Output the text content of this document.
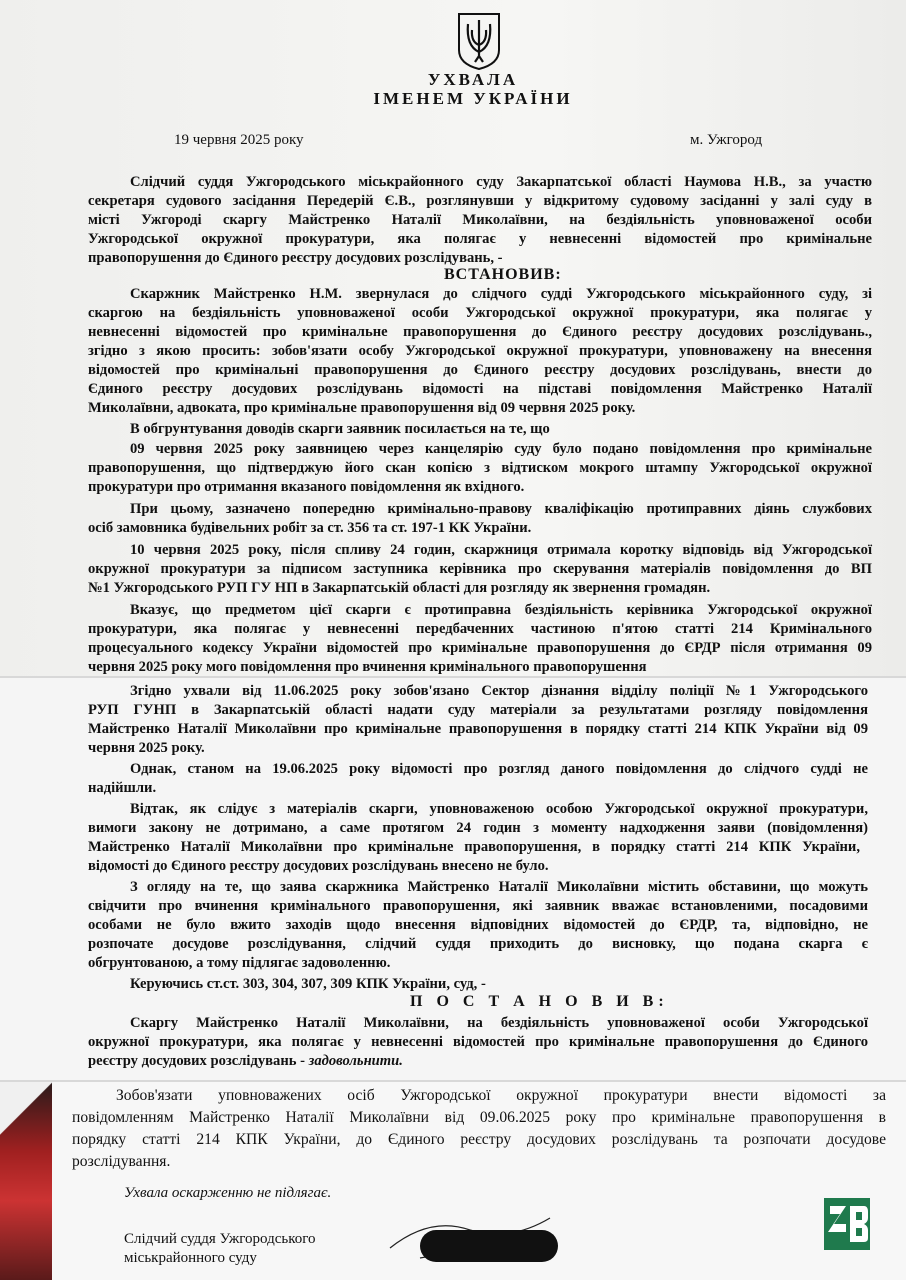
УХВАЛА
ІМЕНЕМ УКРАЇНИ
19 червня 2025 року	м. Ужгород
Слідчий суддя Ужгородського міськрайонного суду Закарпатської області Наумова Н.В., за участю
секретаря судового засідання Передерій Є.В., розглянувши у відкритому судовому засіданні у залі суду в
місті Ужгороді скаргу Майстренко Наталії Миколаївни, на бездіяльність уповноваженої особи
Ужгородської окружної прокуратури, яка полягає у невнесенні відомостей про кримінальне
правопорушення до Єдиного реєстру досудових розслідувань, -
ВСТАНОВИВ:
Скаржник Майстренко Н.М. звернулася до слідчого судді Ужгородського міськрайонного суду, зі
скаргою на бездіяльність уповноваженої особи Ужгородської окружної прокуратури, яка полягає у
невнесенні відомостей про кримінальне правопорушення до Єдиного реєстру досудових розслідувань.,
згідно з якою просить: зобов'язати особу Ужгородської окружної прокуратури, уповноважену на внесення
відомостей про кримінальні правопорушення до Єдиного реєстру досудових розслідувань, внести до
Єдиного реєстру досудових розслідувань відомості на підставі повідомлення Майстренко Наталії
Миколаївни, адвоката, про кримінальне правопорушення від 09 червня 2025 року.
В обгрунтування доводів скарги заявник посилається на те, що
09 червня 2025 року заявницею через канцелярію суду було подано повідомлення про кримінальне
правопорушення, що підтверджую його скан копією з відтиском мокрого штампу Ужгородської окружної
прокуратури про отримання вказаного повідомлення як вхідного.
При цьому, зазначено попередню кримінально-правову кваліфікацію протиправних діянь службових
осіб замовника будівельних робіт за ст. 356 та ст. 197-1 КК України.
10 червня 2025 року, після спливу 24 годин, скаржниця отримала коротку відповідь від Ужгородської
окружної прокуратури за підписом заступника керівника про скерування матеріалів повідомлення до ВП
№1 Ужгородського РУП ГУ НП в Закарпатській області для розгляду як звернення громадян.
Вказує, що предметом цієї скарги є протиправна бездіяльність керівника Ужгородської окружної
прокуратури, яка полягає у невнесенні передбаченних частиною п'ятою статті 214 Кримінального
процесуального кодексу України відомостей про кримінальне правопорушення до ЄРДР після отримання 09
червня 2025 року мого повідомлення про вчинення кримінального правопорушення
Згідно ухвали від 11.06.2025 року зобов'язано Сектор дізнання відділу поліції №1 Ужгородського
РУП ГУНП в Закарпатській області надати суду матеріали за результатами розгляду повідомлення
Майстренко Наталії Миколаївни про кримінальне правопорушення в порядку статті 214 КПК України від 09
червня 2025 року.
Однак, станом на 19.06.2025 року відомості про розгляд даного повідомлення до слідчого судді не
надійшли.
Відтак, як слідує з матеріалів скарги, уповноваженою особою Ужгородської окружної прокуратури,
вимоги закону не дотримано, а саме протягом 24 годин з моменту надходження заяви (повідомлення)
Майстренко Наталії Миколаївни про кримінальне правопорушення, в порядку статті 214 КПК України,
відомості до Єдиного реєстру досудових розслідувань внесено не було.
З огляду на те, що заява скаржника Майстренко Наталії Миколаївни містить обставини, що можуть
свідчити про вчинення кримінального правопорушення, які заявник вважає встановленими, посадовими
особами не було вжито заходів щодо внесення відповідних відомостей до ЄРДР, та, відповідно, не
розпочате досудове розслідування, слідчий суддя приходить до висновку, що подана скарга є
обгрунтованою, а тому підлягає задоволенню.
Керуючись ст.ст. 303, 304, 307, 309 КПК України, суд, -
П О С Т А Н О В И В:
Скаргу Майстренко Наталії Миколаївни, на бездіяльність уповноваженої особи Ужгородської
окружної прокуратури, яка полягає у невнесенні відомостей про кримінальне правопорушення до Єдиного
реєстру досудових розслідувань - задовольнити.
Зобов'язати уповноважених осіб Ужгородської окружної прокуратури внести відомості за
повідомленням Майстренко Наталії Миколаївни від 09.06.2025 року про кримінальне правопорушення в
порядку статті 214 КПК України, до Єдиного реєстру досудових розслідувань та розпочати досудове
розслідування.
Ухвала оскарженню не підлягає.
Слідчий суддя Ужгородського
міськрайонного суду
